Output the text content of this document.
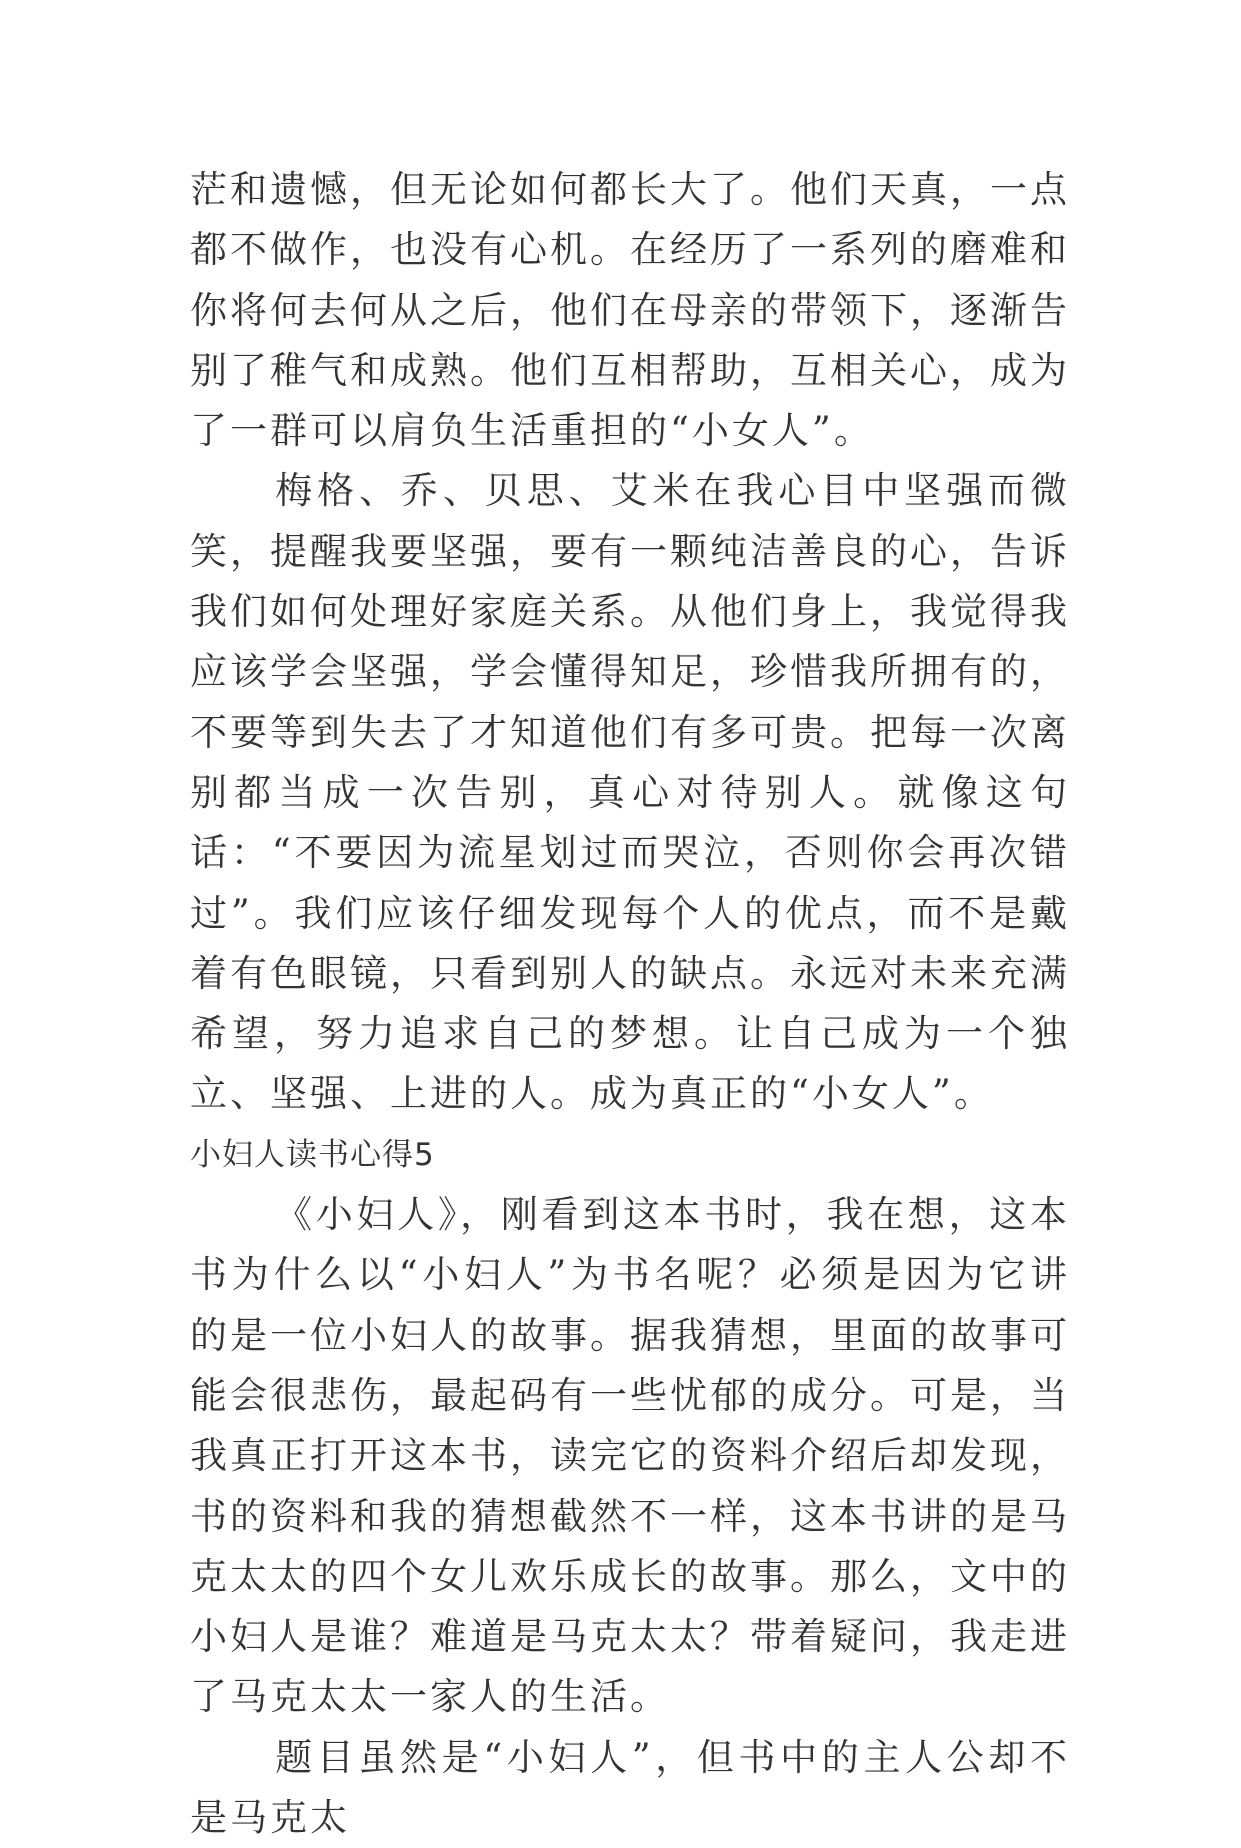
茫和遗憾，但无论如何都长大了。他们天真，一点都不做作，也没有心机。在经历了一系列的磨难和你将何去何从之后，他们在母亲的带领下，逐渐告别了稚气和成熟。他们互相帮助，互相关心，成为了一群可以肩负生活重担的“小女人”。

梅格、乔、贝思、艾米在我心目中坚强而微笑，提醒我要坚强，要有一颗纯洁善良的心，告诉我们如何处理好家庭关系。从他们身上，我觉得我应该学会坚强，学会懂得知足，珍惜我所拥有的，不要等到失去了才知道他们有多可贵。把每一次离别都当成一次告别，真心对待别人。就像这句话：“不要因为流星划过而哭泣，否则你会再次错过”。我们应该仔细发现每个人的优点，而不是戴着有色眼镜，只看到别人的缺点。永远对未来充满希望，努力追求自己的梦想。让自己成为一个独立、坚强、上进的人。成为真正的“小女人”。

小妇人读书心得5

《小妇人》，刚看到这本书时，我在想，这本书为什么以“小妇人”为书名呢？必须是因为它讲的是一位小妇人的故事。据我猜想，里面的故事可能会很悲伤，最起码有一些忧郁的成分。可是，当我真正打开这本书，读完它的资料介绍后却发现，书的资料和我的猜想截然不一样，这本书讲的是马克太太的四个女儿欢乐成长的故事。那么，文中的小妇人是谁？难道是马克太太？带着疑问，我走进了马克太太一家人的生活。

题目虽然是“小妇人”，但书中的主人公却不是马克太
